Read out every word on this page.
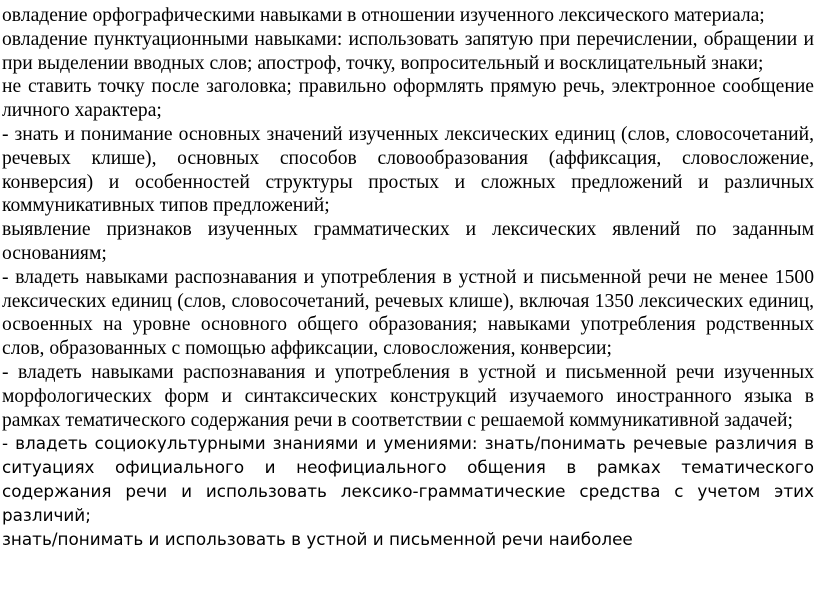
овладение орфографическими навыками в отношении изученного лексического материала;

овладение пунктуационными навыками: использовать запятую при перечислении, обращении и при выделении вводных слов; апостроф, точку, вопросительный и восклицательный знаки;

не ставить точку после заголовка; правильно оформлять прямую речь, электронное сообщение личного характера;

- знать и понимание основных значений изученных лексических единиц (слов, словосочетаний, речевых клише), основных способов словообразования (аффиксация, словосложение, конверсия) и особенностей структуры простых и сложных предложений и различных коммуникативных типов предложений;

выявление признаков изученных грамматических и лексических явлений по заданным основаниям;

- владеть навыками распознавания и употребления в устной и письменной речи не менее 1500 лексических единиц (слов, словосочетаний, речевых клише), включая 1350 лексических единиц, освоенных на уровне основного общего образования; навыками употребления родственных слов, образованных с помощью аффиксации, словосложения, конверсии;

- владеть навыками распознавания и употребления в устной и письменной речи изученных морфологических форм и синтаксических конструкций изучаемого иностранного языка в рамках тематического содержания речи в соответствии с решаемой коммуникативной задачей;

- владеть социокультурными знаниями и умениями: знать/понимать речевые различия в ситуациях официального и неофициального общения в рамках тематического содержания речи и использовать лексико-грамматические средства с учетом этих различий;

знать/понимать и использовать в устной и письменной речи наиболее
